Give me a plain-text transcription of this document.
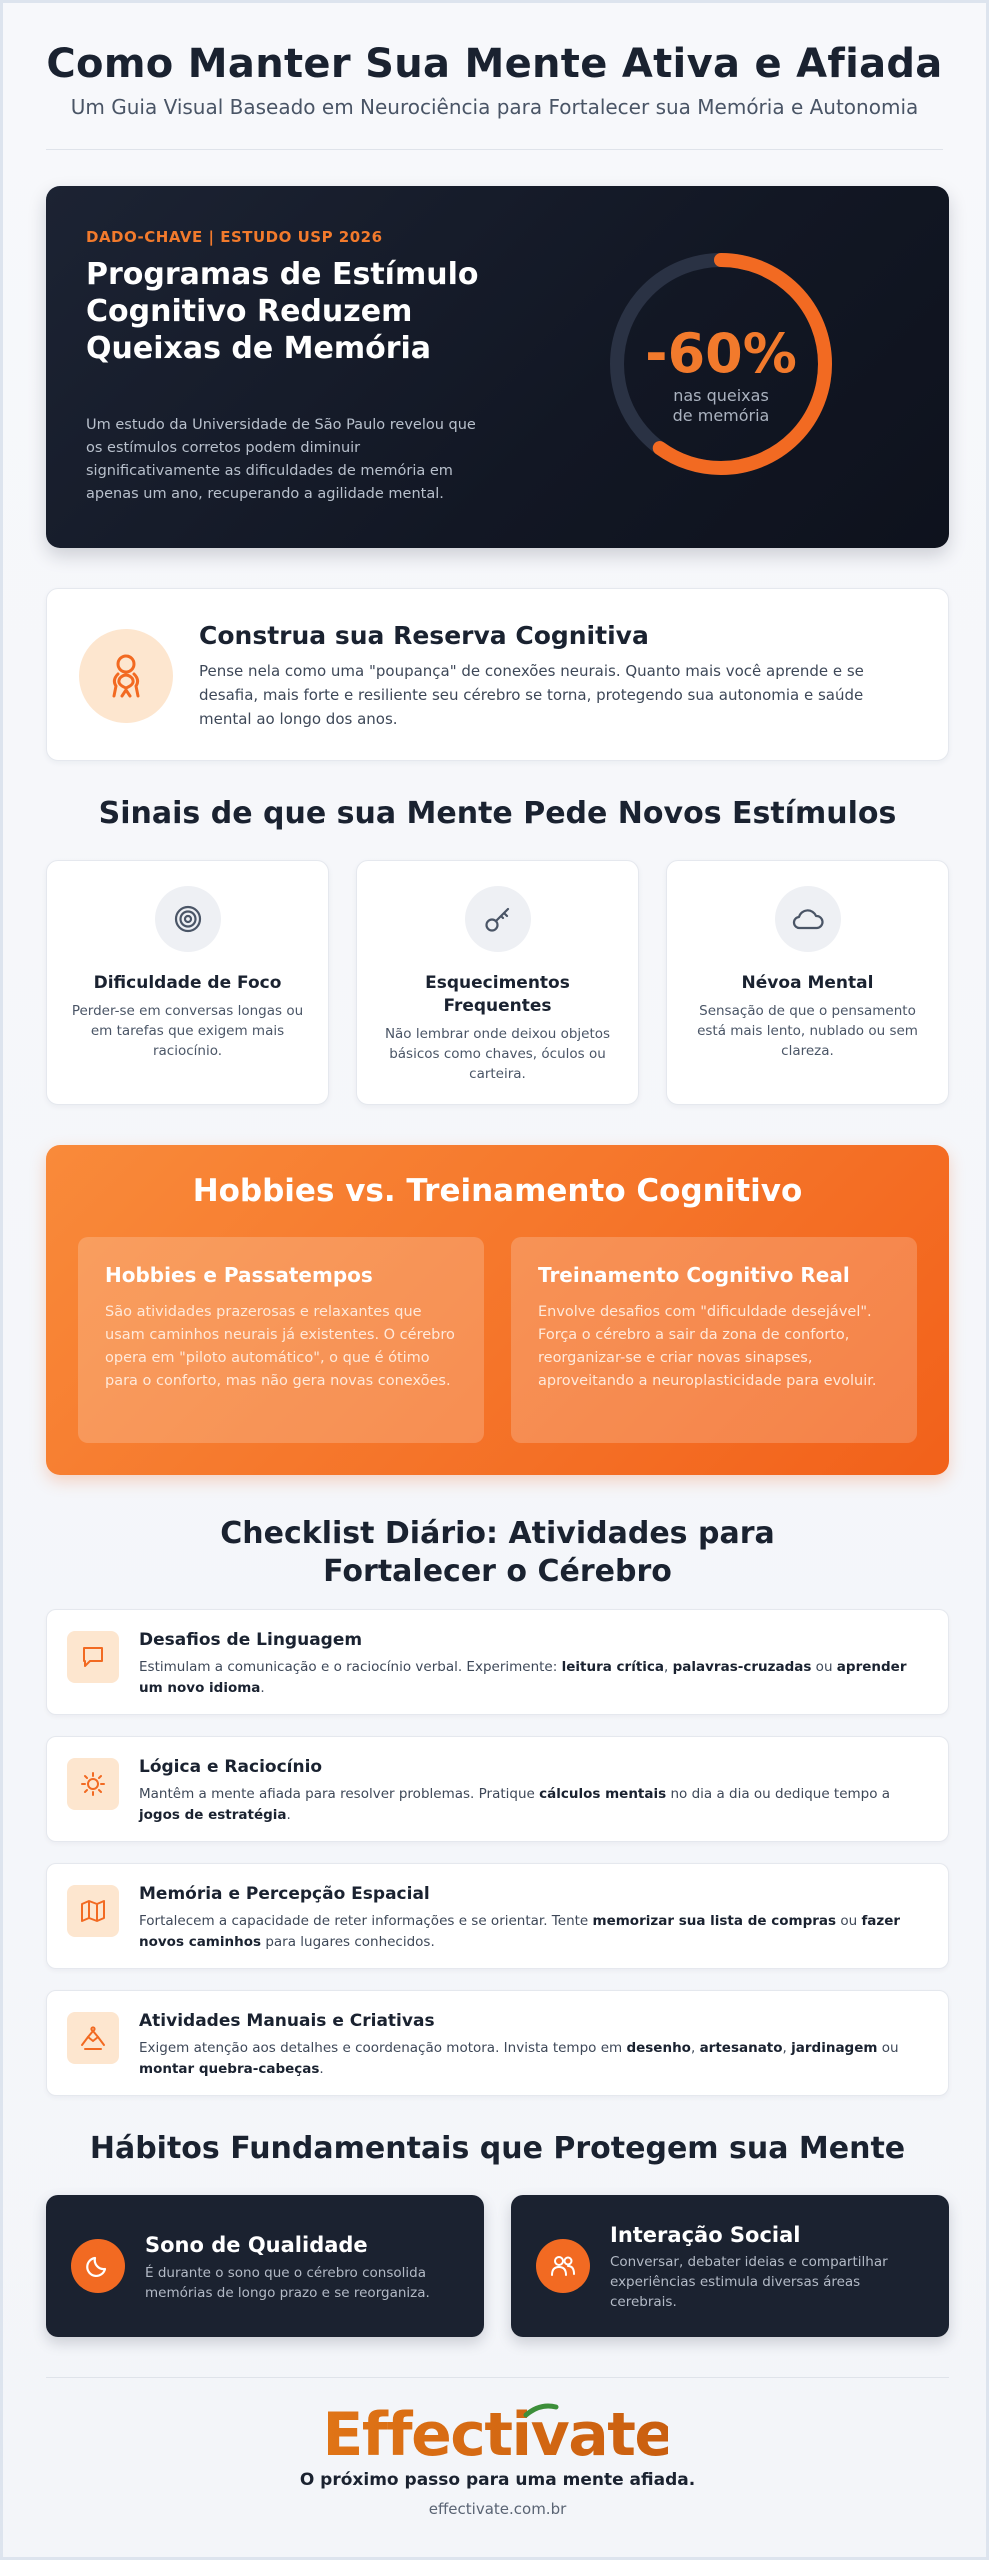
Como Manter Sua Mente Ativa e Afiada

Um Guia Visual Baseado em Neurociência para Fortalecer sua Memória e Autonomia

DADO-CHAVE | ESTUDO USP 2026
Programas de Estímulo Cognitivo Reduzem Queixas de Memória
Um estudo da Universidade de São Paulo revelou que os estímulos corretos podem diminuir significativamente as dificuldades de memória em apenas um ano, recuperando a agilidade mental.
-60%
nas queixas
de memória
Construa sua Reserva Cognitiva

Pense nela como uma "poupança" de conexões neurais. Quanto mais você aprende e se desafia, mais forte e resiliente seu cérebro se torna, protegendo sua autonomia e saúde mental ao longo dos anos.

Sinais de que sua Mente Pede Novos Estímulos
Dificuldade de Foco

Perder-se em conversas longas ou em tarefas que exigem mais raciocínio.

Esquecimentos Frequentes

Não lembrar onde deixou objetos básicos como chaves, óculos ou carteira.

Névoa Mental

Sensação de que o pensamento está mais lento, nublado ou sem clareza.

Hobbies vs. Treinamento Cognitivo
Hobbies e Passatempos

São atividades prazerosas e relaxantes que usam caminhos neurais já existentes. O cérebro opera em "piloto automático", o que é ótimo para o conforto, mas não gera novas conexões.

Treinamento Cognitivo Real

Envolve desafios com "dificuldade desejável". Força o cérebro a sair da zona de conforto, reorganizar-se e criar novas sinapses, aproveitando a neuroplasticidade para evoluir.

Checklist Diário: Atividades para Fortalecer o Cérebro
Desafios de Linguagem

Estimulam a comunicação e o raciocínio verbal. Experimente: leitura crítica, palavras-cruzadas ou aprender um novo idioma.

Lógica e Raciocínio

Mantêm a mente afiada para resolver problemas. Pratique cálculos mentais no dia a dia ou dedique tempo a jogos de estratégia.

Memória e Percepção Espacial

Fortalecem a capacidade de reter informações e se orientar. Tente memorizar sua lista de compras ou fazer novos caminhos para lugares conhecidos.

Atividades Manuais e Criativas

Exigem atenção aos detalhes e coordenação motora. Invista tempo em desenho, artesanato, jardinagem ou montar quebra-cabeças.

Hábitos Fundamentais que Protegem sua Mente
Sono de Qualidade

É durante o sono que o cérebro consolida memórias de longo prazo e se reorganiza.

Interação Social

Conversar, debater ideias e compartilhar experiências estimula diversas áreas cerebrais.

Effectivate
O próximo passo para uma mente afiada.
effectivate.com.br
